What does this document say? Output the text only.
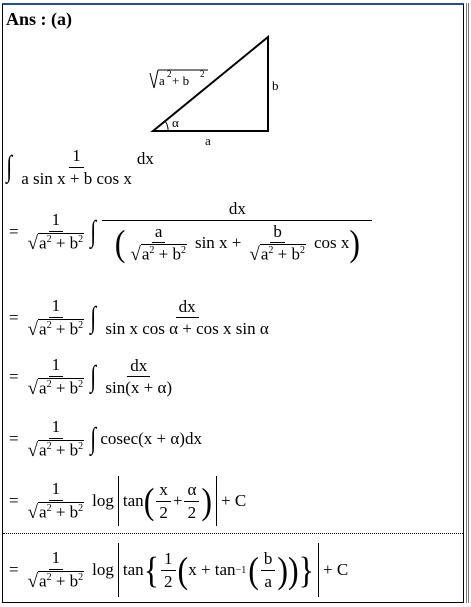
Ans : (a)
α
a
b
a 2 + b 2
∫ $\frac{1}{\text{a sin x + b cos x}}$ dx
= $\frac{1}{√ a^2 + b^2}$ ∫
dx
( $\frac{a}{√ a^2 + b^2}$ $\sin x + \frac{b}{√ a^2 + b^2}$ cos x )
= $\frac{1}{√ a^2 + b^2}$ ∫ $\frac{dx}{\text{sin x cos α + cos x sin α}}$
= $\frac{1}{√ a^2 + b^2}$ ∫ $\frac{dx}{\sin(x + \alpha)}$
= $\frac{1}{√ a^2 + b^2}$ ∫ cosec(x + α)dx
= $\frac{1}{√ a^2 + b^2}$ log tan ( $\frac{x}{2} + \frac{\alpha}{2}$ ) + C
= $\frac{1}{√ a^2 + b^2}$ log tan { $\frac{1}{2}$ ( x + tan −1 ( $\frac{b}{a}$ ) ) } + C
